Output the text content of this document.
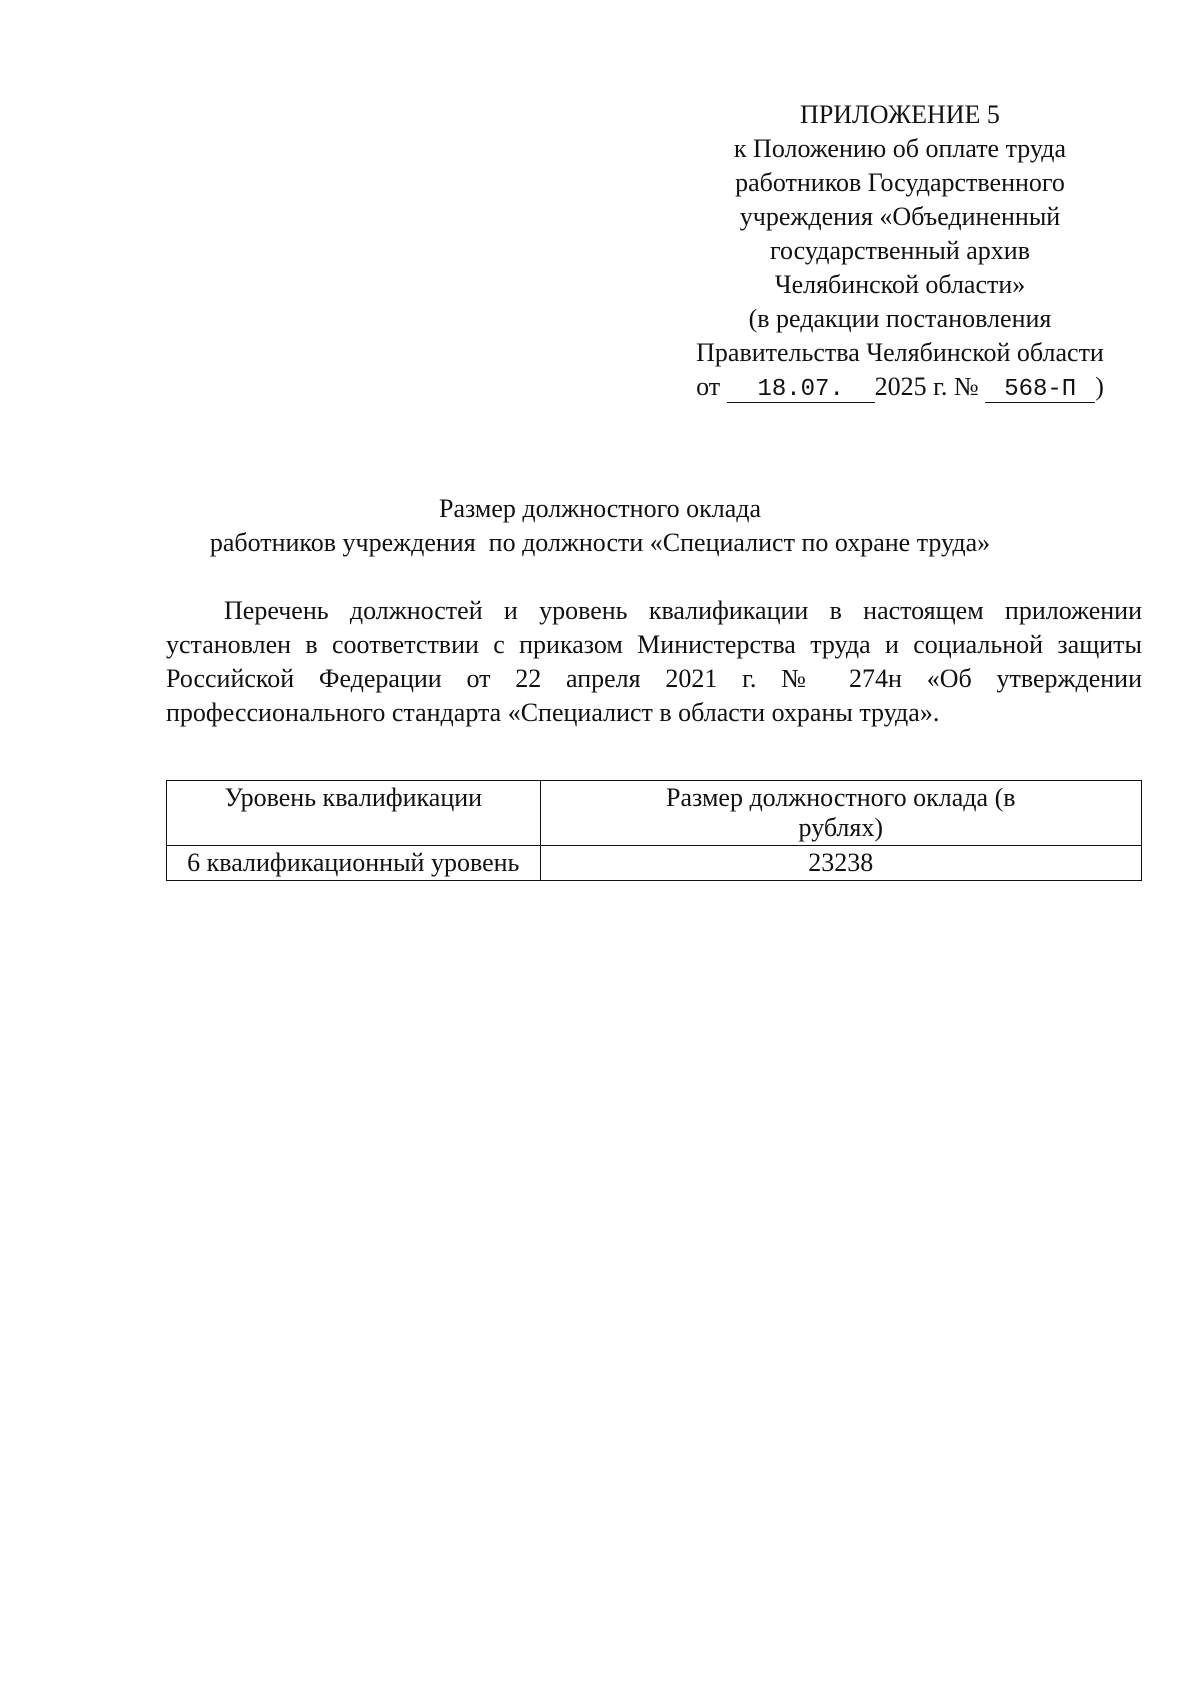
ПРИЛОЖЕНИЕ 5
к Положению об оплате труда
работников Государственного
учреждения «Объединенный
государственный архив
Челябинской области»
(в редакции постановления
Правительства Челябинской области
от 18.07. 2025 г. № 568-П )
Размер должностного оклада
работников учреждения  по должности «Специалист по охране труда»
Перечень должностей и уровень квалификации в настоящем приложении установлен в соответствии с приказом Министерства труда и социальной защиты Российской Федерации от 22 апреля 2021 г. № 274н «Об утверждении профессионального стандарта «Специалист в области охраны труда».
Уровень квалификации	Размер должностного оклада (в рублях)
6 квалификационный уровень	23238
